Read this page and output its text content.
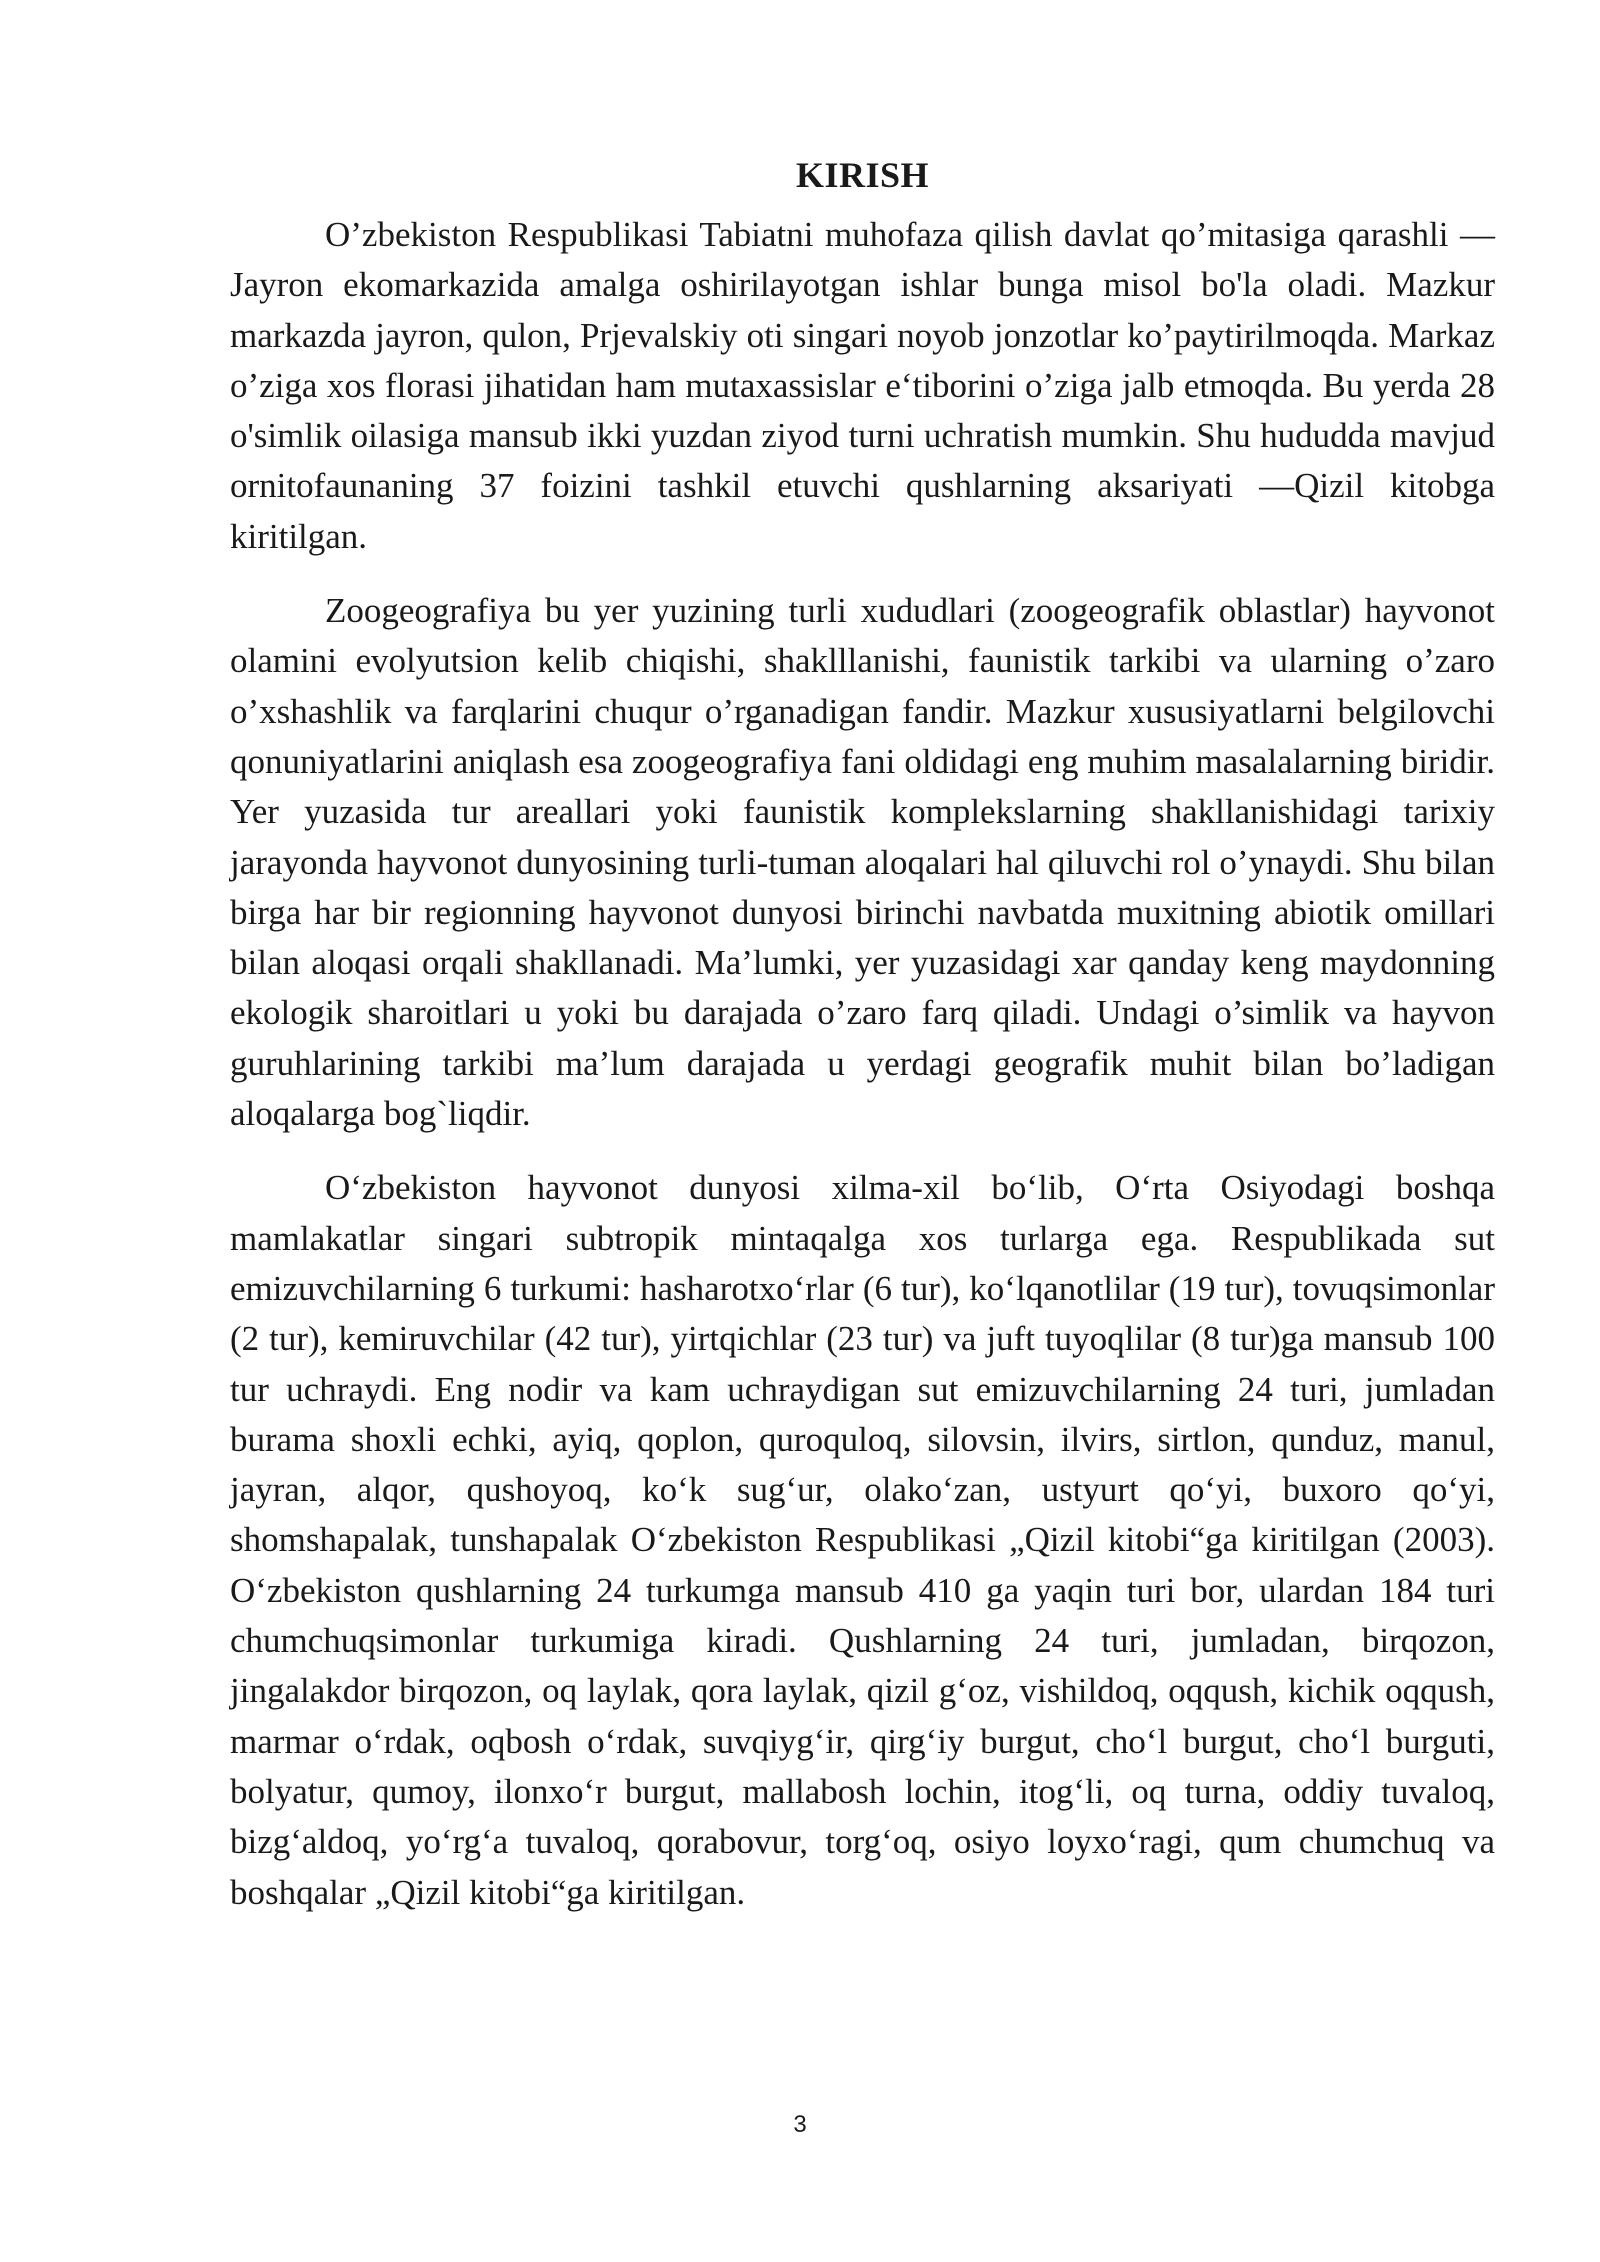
KIRISH

O’zbekiston Respublikasi Tabiatni muhofaza qilish davlat qo’mitasiga qarashli —Jayron ekomarkazida amalga oshirilayotgan ishlar bunga misol bo'la oladi. Mazkur markazda jayron, qulon, Prjevalskiy oti singari noyob jonzotlar ko’paytirilmoqda. Markaz o’ziga xos florasi jihatidan ham mutaxassislar e‘tiborini o’ziga jalb etmoqda. Bu yerda 28 o'simlik oilasiga mansub ikki yuzdan ziyod turni uchratish mumkin. Shu hududda mavjud ornitofaunaning 37 foizini tashkil etuvchi qushlarning aksariyati —Qizil kitobga kiritilgan.

Zoogeografiya bu yer yuzining turli xududlari (zoogeografik oblastlar) hayvonot olamini evolyutsion kelib chiqishi, shaklllanishi, faunistik tarkibi va ularning o’zaro o’xshashlik va farqlarini chuqur o’rganadigan fandir. Mazkur xususiyatlarni belgilovchi qonuniyatlarini aniqlash esa zoogeografiya fani oldidagi eng muhim masalalarning biridir. Yer yuzasida tur areallari yoki faunistik komplekslarning shakllanishidagi tarixiy jarayonda hayvonot dunyosining turli-tuman aloqalari hal qiluvchi rol o’ynaydi. Shu bilan birga har bir regionning hayvonot dunyosi birinchi navbatda muxitning abiotik omillari bilan aloqasi orqali shakllanadi. Ma’lumki, yer yuzasidagi xar qanday keng maydonning ekologik sharoitlari u yoki bu darajada o’zaro farq qiladi. Undagi o’simlik va hayvon guruhlarining tarkibi ma’lum darajada u yerdagi geografik muhit bilan bo’ladigan aloqalarga bog`liqdir.

O‘zbekiston hayvonot dunyosi xilma-xil bo‘lib, O‘rta Osiyodagi boshqa mamlakatlar singari subtropik mintaqalga xos turlarga ega. Respublikada sut emizuvchilarning 6 turkumi: hasharotxo‘rlar (6 tur), ko‘lqanotlilar (19 tur), tovuqsimonlar (2 tur), kemiruvchilar (42 tur), yirtqichlar (23 tur) va juft tuyoqlilar (8 tur)ga mansub 100 tur uchraydi. Eng nodir va kam uchraydigan sut emizuvchilarning 24 turi, jumladan burama shoxli echki, ayiq, qoplon, quroquloq, silovsin, ilvirs, sirtlon, qunduz, manul, jayran, alqor, qushoyoq, ko‘k sug‘ur, olako‘zan, ustyurt qo‘yi, buxoro qo‘yi, shomshapalak, tunshapalak O‘zbekiston Respublikasi „Qizil kitobi“ga kiritilgan (2003). O‘zbekiston qushlarning 24 turkumga mansub 410 ga yaqin turi bor, ulardan 184 turi chumchuqsimonlar turkumiga kiradi. Qushlarning 24 turi, jumladan, birqozon, jingalakdor birqozon, oq laylak, qora laylak, qizil g‘oz, vishildoq, oqqush, kichik oqqush, marmar o‘rdak, oqbosh o‘rdak, suvqiyg‘ir, qirg‘iy burgut, cho‘l burgut, cho‘l burguti, bolyatur, qumoy, ilonxo‘r burgut, mallabosh lochin, itog‘li, oq turna, oddiy tuvaloq, bizg‘aldoq, yo‘rg‘a tuvaloq, qorabovur, torg‘oq, osiyo loyxo‘ragi, qum chumchuq va boshqalar „Qizil kitobi“ga kiritilgan.

3
